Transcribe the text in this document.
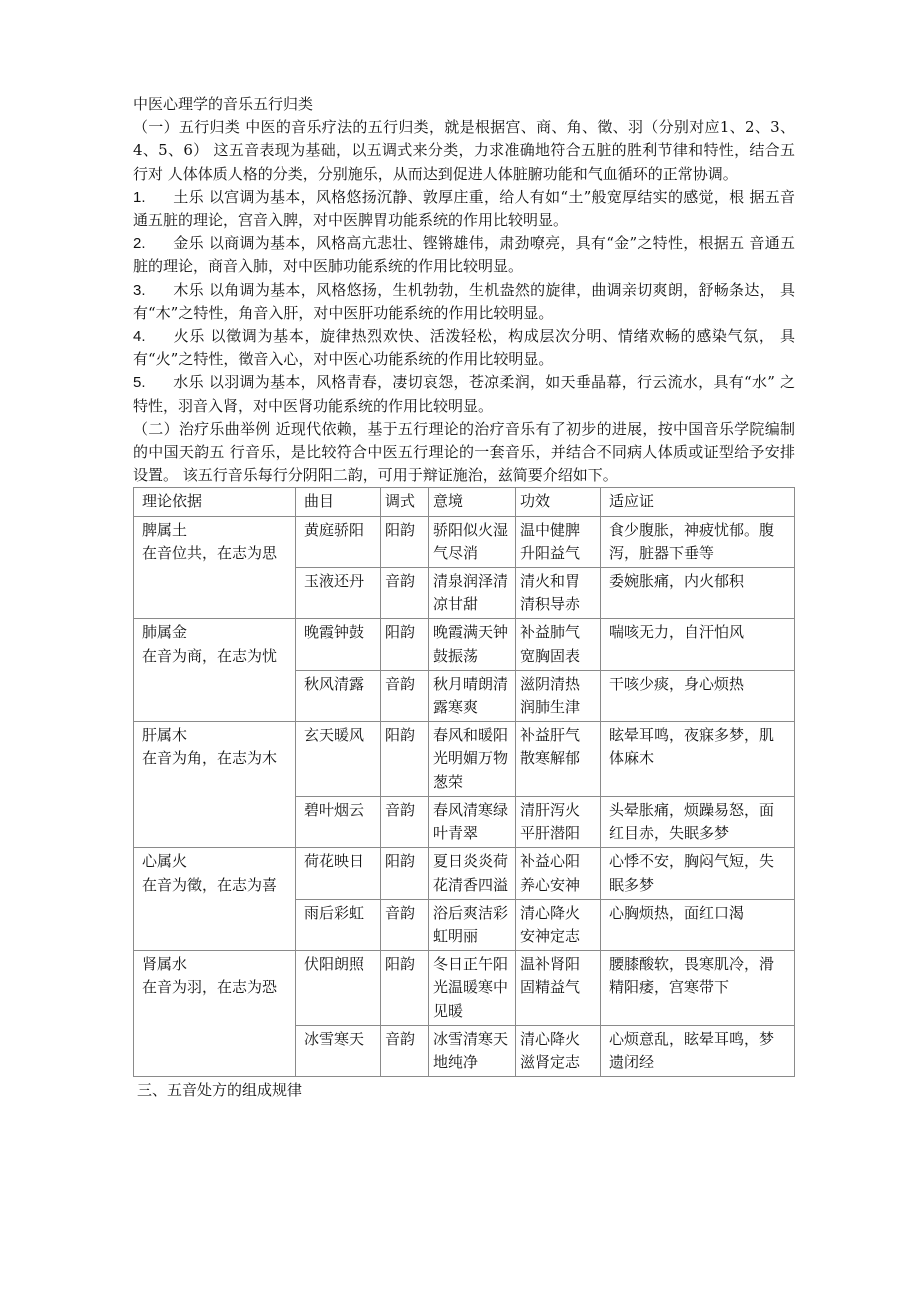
中医心理学的音乐五行归类

（一）五行归类 中医的音乐疗法的五行归类，就是根据宫、商、角、徵、羽（分别对应1、2、3、4、5、6） 这五音表现为基础，以五调式来分类，力求准确地符合五脏的胜利节律和特性，结合五行对 人体体质人格的分类，分别施乐，从而达到促进人体脏腑功能和气血循环的正常协调。

1. 土乐 以宫调为基本，风格悠扬沉静、敦厚庄重，给人有如“土”般宽厚结实的感觉，根 据五音通五脏的理论，宫音入脾，对中医脾胃功能系统的作用比较明显。

2. 金乐 以商调为基本，风格高亢悲壮、铿锵雄伟，肃劲嘹亮，具有“金”之特性，根据五 音通五脏的理论，商音入肺，对中医肺功能系统的作用比较明显。

3. 木乐 以角调为基本，风格悠扬，生机勃勃，生机盎然的旋律，曲调亲切爽朗，舒畅条达， 具有“木”之特性，角音入肝，对中医肝功能系统的作用比较明显。

4. 火乐 以徵调为基本，旋律热烈欢快、活泼轻松，构成层次分明、情绪欢畅的感染气氛， 具有“火”之特性，徵音入心，对中医心功能系统的作用比较明显。

5. 水乐 以羽调为基本，风格青春，凄切哀怨，苍凉柔润，如天垂晶幕，行云流水，具有“水” 之特性，羽音入肾，对中医肾功能系统的作用比较明显。

（二）治疗乐曲举例 近现代依赖，基于五行理论的治疗音乐有了初步的进展，按中国音乐学院编制的中国天韵五 行音乐，是比较符合中医五行理论的一套音乐，并结合不同病人体质或证型给予安排设置。 该五行音乐每行分阴阳二韵，可用于辩证施治，兹简要介绍如下。

理论依据	曲目	调式	意境	功效	适应证

脾属土
在音位共，在志为思	黄庭骄阳	阳韵	骄阳似火湿气尽消	温中健脾升阳益气	食少腹胀，神疲忧郁。腹泻，脏器下垂等
	玉液还丹	音韵	清泉润泽清凉甘甜	清火和胃清积导赤	委婉胀痛，内火郁积

肺属金
在音为商，在志为忧	晚霞钟鼓	阳韵	晚霞满天钟鼓振荡	补益肺气宽胸固表	喘咳无力，自汗怕风
	秋风清露	音韵	秋月晴朗清露寒爽	滋阴清热润肺生津	干咳少痰，身心烦热

肝属木
在音为角，在志为木	玄天暖风	阳韵	春风和暖阳光明媚万物葱荣	补益肝气散寒解郁	眩晕耳鸣，夜寐多梦，肌体麻木
	碧叶烟云	音韵	春风清寒绿叶青翠	清肝泻火平肝潜阳	头晕胀痛，烦躁易怒，面红目赤，失眠多梦

心属火
在音为徵，在志为喜	荷花映日	阳韵	夏日炎炎荷花清香四溢	补益心阳养心安神	心悸不安，胸闷气短，失眠多梦
	雨后彩虹	音韵	浴后爽洁彩虹明丽	清心降火安神定志	心胸烦热，面红口渴

肾属水
在音为羽，在志为恐	伏阳朗照	阳韵	冬日正午阳光温暖寒中见暖	温补肾阳固精益气	腰膝酸软，畏寒肌冷，滑精阳痿，宫寒带下
	冰雪寒天	音韵	冰雪清寒天地纯净	清心降火滋肾定志	心烦意乱，眩晕耳鸣，梦遗闭经

三、五音处方的组成规律
